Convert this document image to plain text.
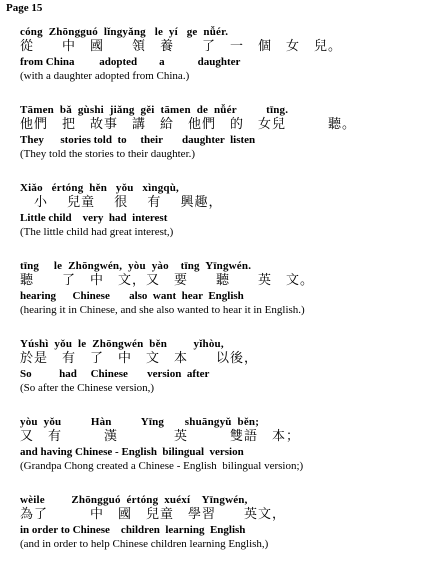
Page 15
cóng  Zhōngguó  lǐngyǎng   le  yí   ge  nǚér.
從　　中　國　　領　養　　了　一　個　女　兒。
from China         adopted        a            daughter
(with a daughter adopted from China.)
Tāmen  bǎ  gùshi  jiǎng  gěi  tāmen  de  nǚér          tīng.
他們　把　故事　講　給　他們　的　女兒　　　聽。
They      stories told  to     their       daughter  listen
(They told the stories to their daughter.)
Xiǎo   értóng  hěn   yǒu   xìngqù,
　小　 兒童　 很　 有　 興趣，
Little child    very  had  interest
(The little child had great interest,)
tīng     le  Zhōngwén,  yòu  yào    tīng  Yīngwén.
聽　　了　中　文，又　要　　聽　　英　文。
hearing      Chinese       also  want  hear  English
(hearing it in Chinese, and she also wanted to hear it in English.)
Yúshì  yǒu  le  Zhōngwén  běn         yǐhòu,
於是　有　了　中　文　本　　以後，
So          had     Chinese       version  after
(So after the Chinese version,)
yòu  yǒu          Hàn          Yīng       shuāngyǔ  běn;
又　有　　　漢　　　　英　　　雙語　本；
and having Chinese - English  bilingual  version
(Grandpa Chong created a Chinese - English  bilingual version;)
wèile         Zhōngguó  értóng  xuéxí    Yīngwén,
為了　　　中　國　兒童　學習　　英文，
in order to Chinese    children  learning  English
(and in order to help Chinese children learning English,)
